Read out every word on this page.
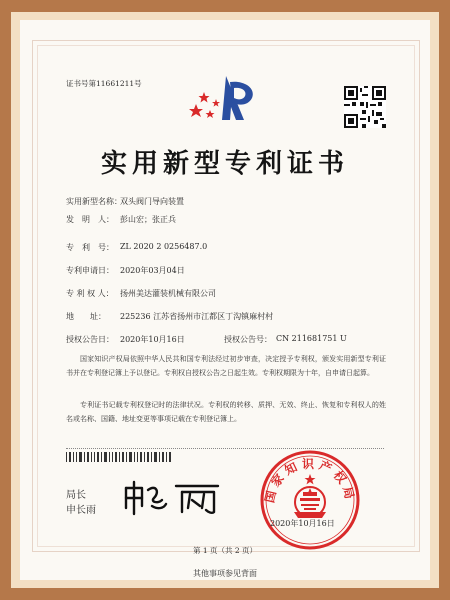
证书号第11661211号
实用新型专利证书
实用新型名称：
双头阀门导向装置
发　明　人： 彭山宏；张正兵
专　利　号： ZL 2020 2 0256487.0
专利申请日： 2020年03月04日
专 利 权 人： 扬州美达灌装机械有限公司
地　　址： 225236 江苏省扬州市江都区丁沟镇麻村村
授权公告日： 2020年10月16日	授权公告号： CN 211681751 U
国家知识产权局依照中华人民共和国专利法经过初步审查，决定授予专利权，颁发实用新型专利证书并在专利登记簿上予以登记。专利权自授权公告之日起生效。专利权期限为十年，自申请日起算。
专利证书记载专利权登记时的法律状况。专利权的转移、质押、无效、终止、恢复和专利权人的姓名或名称、国籍、地址变更等事项记载在专利登记簿上。
局长
申长雨
国家知识产权局
2020年10月16日
第 1 页（共 2 页）
其他事项参见背面
